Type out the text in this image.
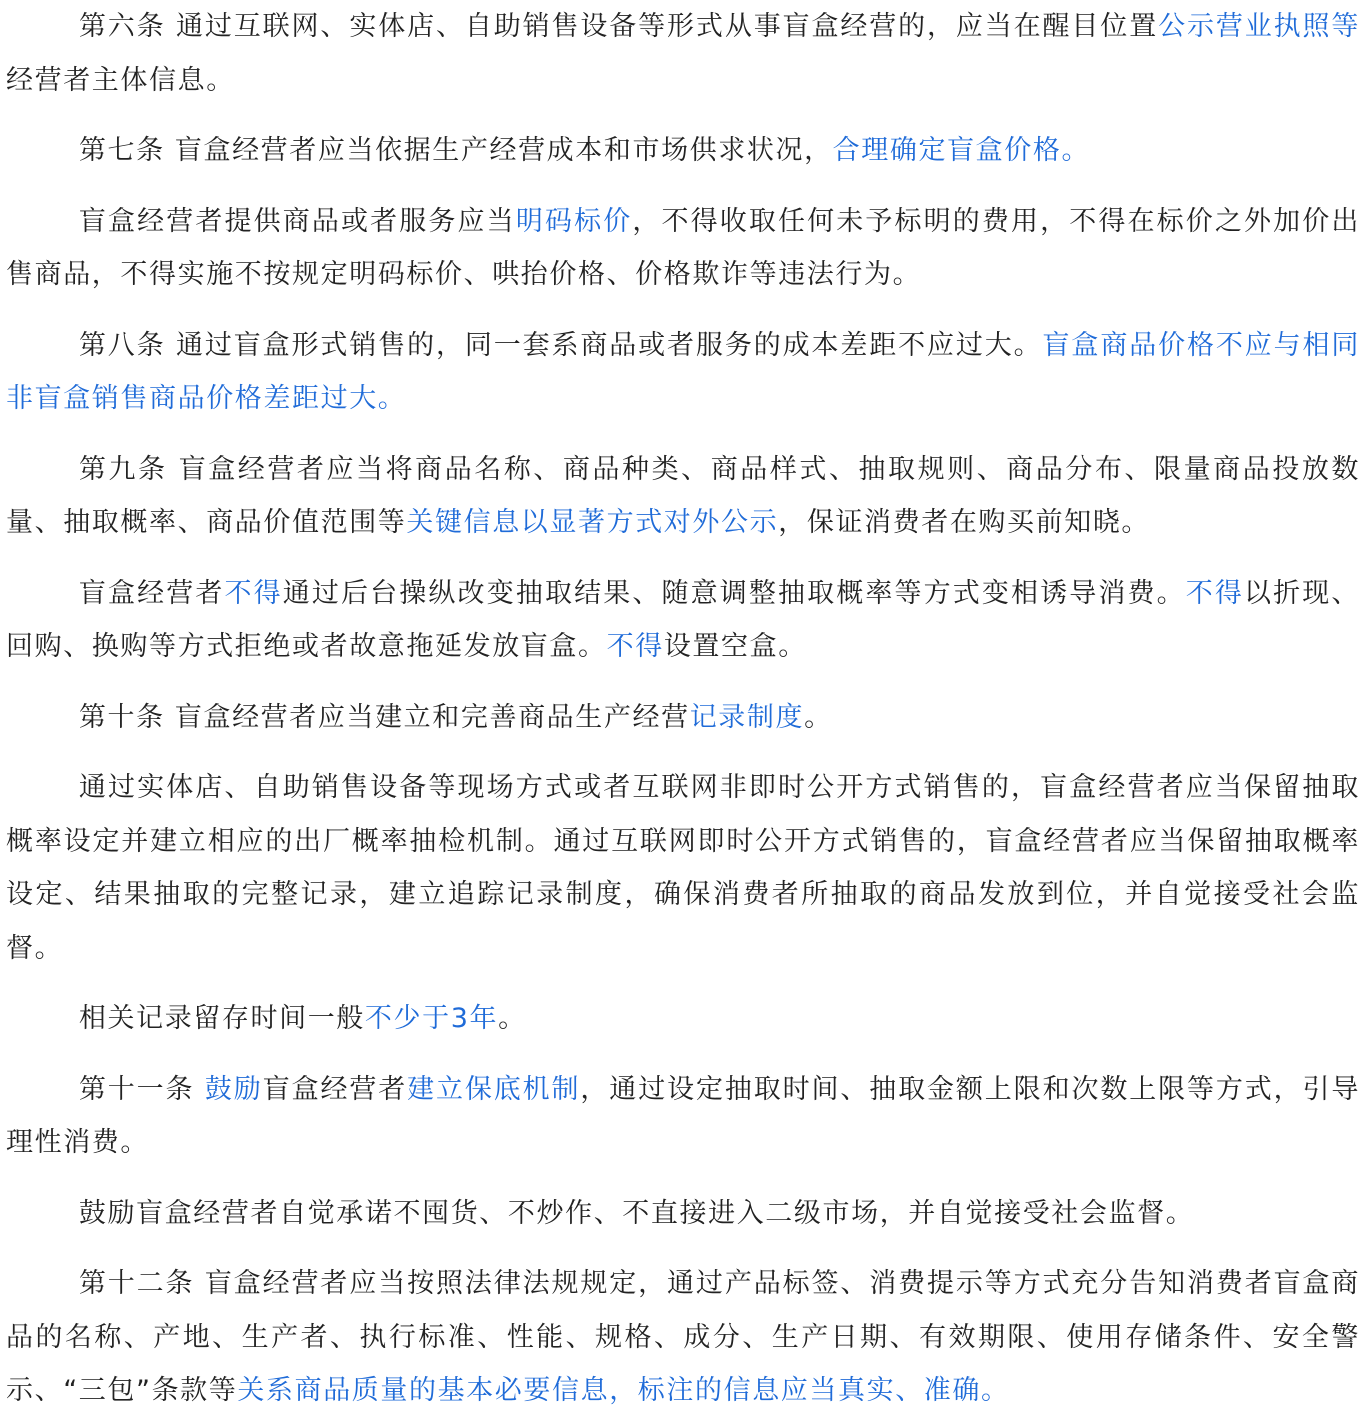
第六条 通过互联网、实体店、自助销售设备等形式从事盲盒经营的，应当在醒目位置公示营业执照等经营者主体信息。

第七条 盲盒经营者应当依据生产经营成本和市场供求状况，合理确定盲盒价格。

盲盒经营者提供商品或者服务应当明码标价，不得收取任何未予标明的费用，不得在标价之外加价出售商品，不得实施不按规定明码标价、哄抬价格、价格欺诈等违法行为。

第八条 通过盲盒形式销售的，同一套系商品或者服务的成本差距不应过大。盲盒商品价格不应与相同非盲盒销售商品价格差距过大。

第九条 盲盒经营者应当将商品名称、商品种类、商品样式、抽取规则、商品分布、限量商品投放数量、抽取概率、商品价值范围等关键信息以显著方式对外公示，保证消费者在购买前知晓。

盲盒经营者不得通过后台操纵改变抽取结果、随意调整抽取概率等方式变相诱导消费。不得以折现、回购、换购等方式拒绝或者故意拖延发放盲盒。不得设置空盒。

第十条 盲盒经营者应当建立和完善商品生产经营记录制度。

通过实体店、自助销售设备等现场方式或者互联网非即时公开方式销售的，盲盒经营者应当保留抽取概率设定并建立相应的出厂概率抽检机制。通过互联网即时公开方式销售的，盲盒经营者应当保留抽取概率设定、结果抽取的完整记录，建立追踪记录制度，确保消费者所抽取的商品发放到位，并自觉接受社会监督。

相关记录留存时间一般不少于3年。

第十一条 鼓励盲盒经营者建立保底机制，通过设定抽取时间、抽取金额上限和次数上限等方式，引导理性消费。

鼓励盲盒经营者自觉承诺不囤货、不炒作、不直接进入二级市场，并自觉接受社会监督。

第十二条 盲盒经营者应当按照法律法规规定，通过产品标签、消费提示等方式充分告知消费者盲盒商品的名称、产地、生产者、执行标准、性能、规格、成分、生产日期、有效期限、使用存储条件、安全警示、“三包”条款等关系商品质量的基本必要信息，标注的信息应当真实、准确。
